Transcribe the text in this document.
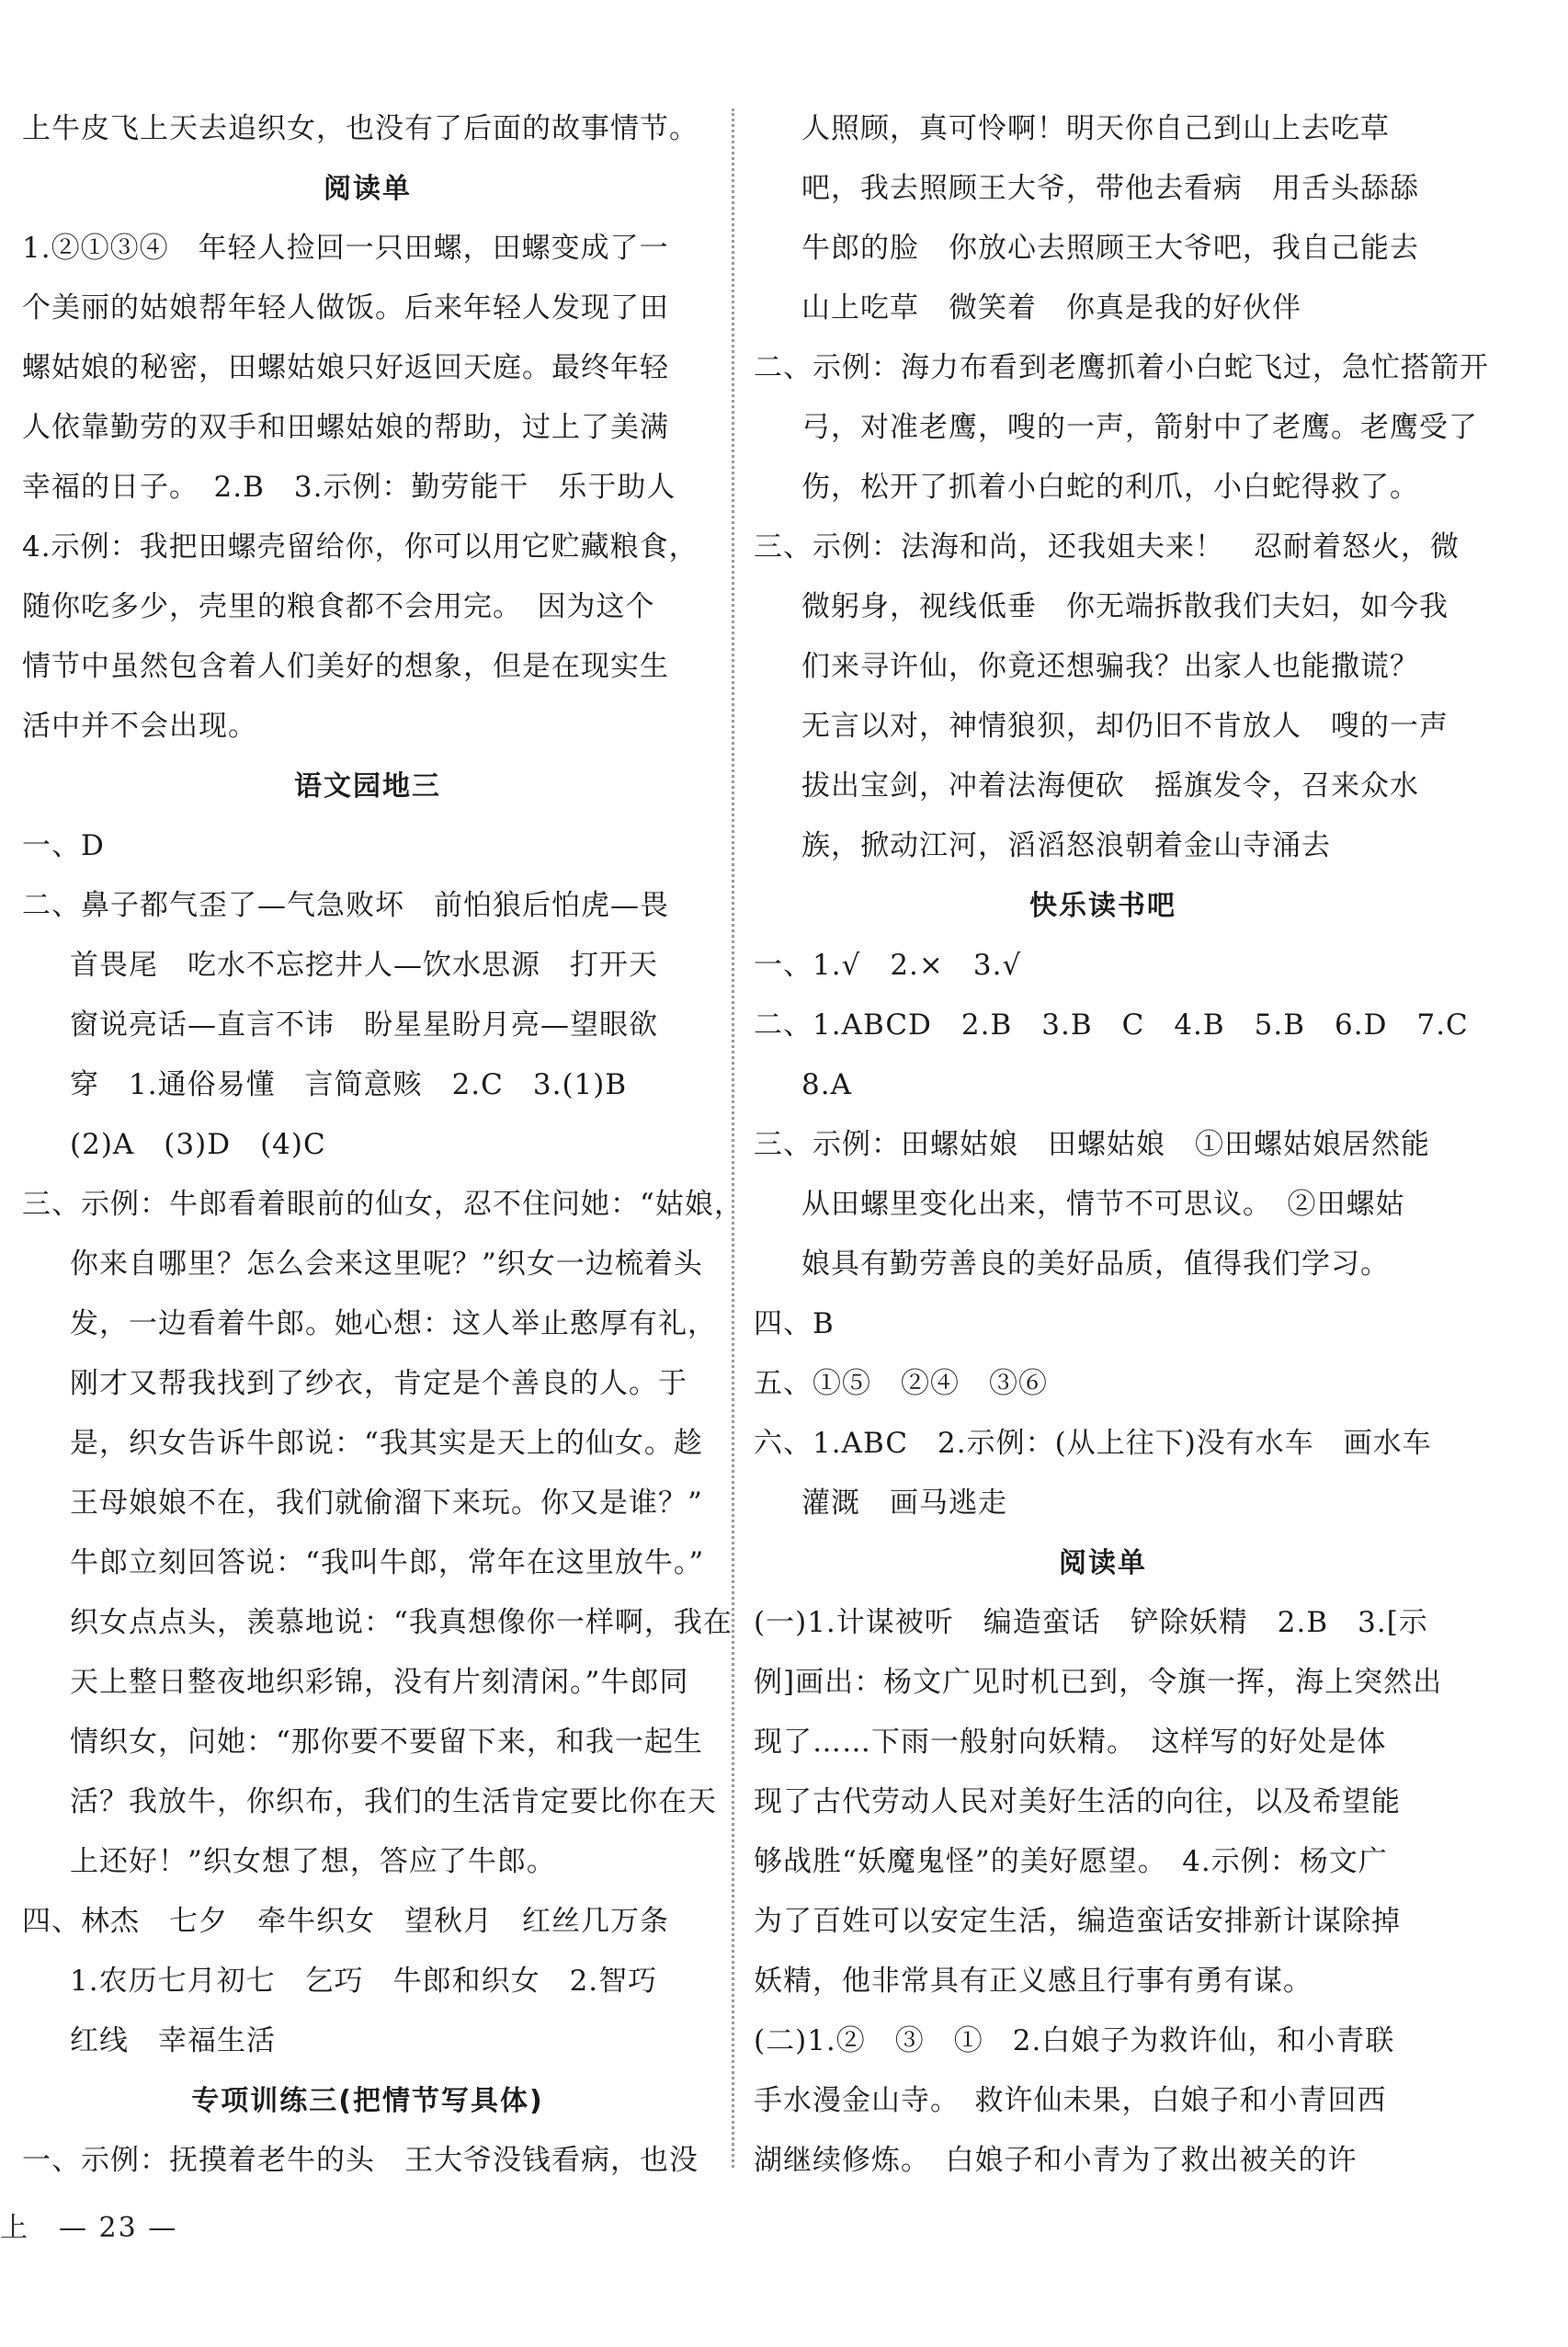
上牛皮飞上天去追织女，也没有了后面的故事情节。
阅读单
1.②①③④　年轻人捡回一只田螺，田螺变成了一
个美丽的姑娘帮年轻人做饭。后来年轻人发现了田
螺姑娘的秘密，田螺姑娘只好返回天庭。最终年轻
人依靠勤劳的双手和田螺姑娘的帮助，过上了美满
幸福的日子。　2.B　3.示例：勤劳能干　乐于助人
4.示例：我把田螺壳留给你，你可以用它贮藏粮食，
随你吃多少，壳里的粮食都不会用完。　因为这个
情节中虽然包含着人们美好的想象，但是在现实生
活中并不会出现。
语文园地三
一、D
二、鼻子都气歪了—气急败坏　前怕狼后怕虎—畏
首畏尾　吃水不忘挖井人—饮水思源　打开天
窗说亮话—直言不讳　盼星星盼月亮—望眼欲
穿　1.通俗易懂　言简意赅　2.C　3.(1)B
(2)A　(3)D　(4)C
三、示例：牛郎看着眼前的仙女，忍不住问她：“姑娘，
你来自哪里？怎么会来这里呢？”织女一边梳着头
发，一边看着牛郎。她心想：这人举止憨厚有礼，
刚才又帮我找到了纱衣，肯定是个善良的人。于
是，织女告诉牛郎说：“我其实是天上的仙女。趁
王母娘娘不在，我们就偷溜下来玩。你又是谁？”
牛郎立刻回答说：“我叫牛郎，常年在这里放牛。”
织女点点头，羡慕地说：“我真想像你一样啊，我在
天上整日整夜地织彩锦，没有片刻清闲。”牛郎同
情织女，问她：“那你要不要留下来，和我一起生
活？我放牛，你织布，我们的生活肯定要比你在天
上还好！”织女想了想，答应了牛郎。
四、林杰　七夕　牵牛织女　望秋月　红丝几万条
1.农历七月初七　乞巧　牛郎和织女　2.智巧
红线　幸福生活
专项训练三(把情节写具体)
一、示例：抚摸着老牛的头　王大爷没钱看病，也没
人照顾，真可怜啊！明天你自己到山上去吃草
吧，我去照顾王大爷，带他去看病　用舌头舔舔
牛郎的脸　你放心去照顾王大爷吧，我自己能去
山上吃草　微笑着　你真是我的好伙伴
二、示例：海力布看到老鹰抓着小白蛇飞过，急忙搭箭开
弓，对准老鹰，嗖的一声，箭射中了老鹰。老鹰受了
伤，松开了抓着小白蛇的利爪，小白蛇得救了。
三、示例：法海和尚，还我姐夫来！　忍耐着怒火，微
微躬身，视线低垂　你无端拆散我们夫妇，如今我
们来寻许仙，你竟还想骗我？出家人也能撒谎？
无言以对，神情狼狈，却仍旧不肯放人　嗖的一声
拔出宝剑，冲着法海便砍　摇旗发令，召来众水
族，掀动江河，滔滔怒浪朝着金山寺涌去
快乐读书吧
一、1.√　2.×　3.√
二、1.ABCD　2.B　3.B　C　4.B　5.B　6.D　7.C
8.A
三、示例：田螺姑娘　田螺姑娘　①田螺姑娘居然能
从田螺里变化出来，情节不可思议。　②田螺姑
娘具有勤劳善良的美好品质，值得我们学习。
四、B
五、①⑤　②④　③⑥
六、1.ABC　2.示例：(从上往下)没有水车　画水车
灌溉　画马逃走
阅读单
(一)1.计谋被听　编造蛮话　铲除妖精　2.B　3.[示
例]画出：杨文广见时机已到，令旗一挥，海上突然出
现了……下雨一般射向妖精。　这样写的好处是体
现了古代劳动人民对美好生活的向往，以及希望能
够战胜“妖魔鬼怪”的美好愿望。　4.示例：杨文广
为了百姓可以安定生活，编造蛮话安排新计谋除掉
妖精，他非常具有正义感且行事有勇有谋。
(二)1.②　③　①　2.白娘子为救许仙，和小青联
手水漫金山寺。　救许仙未果，白娘子和小青回西
湖继续修炼。　白娘子和小青为了救出被关的许
上　— 23 —
